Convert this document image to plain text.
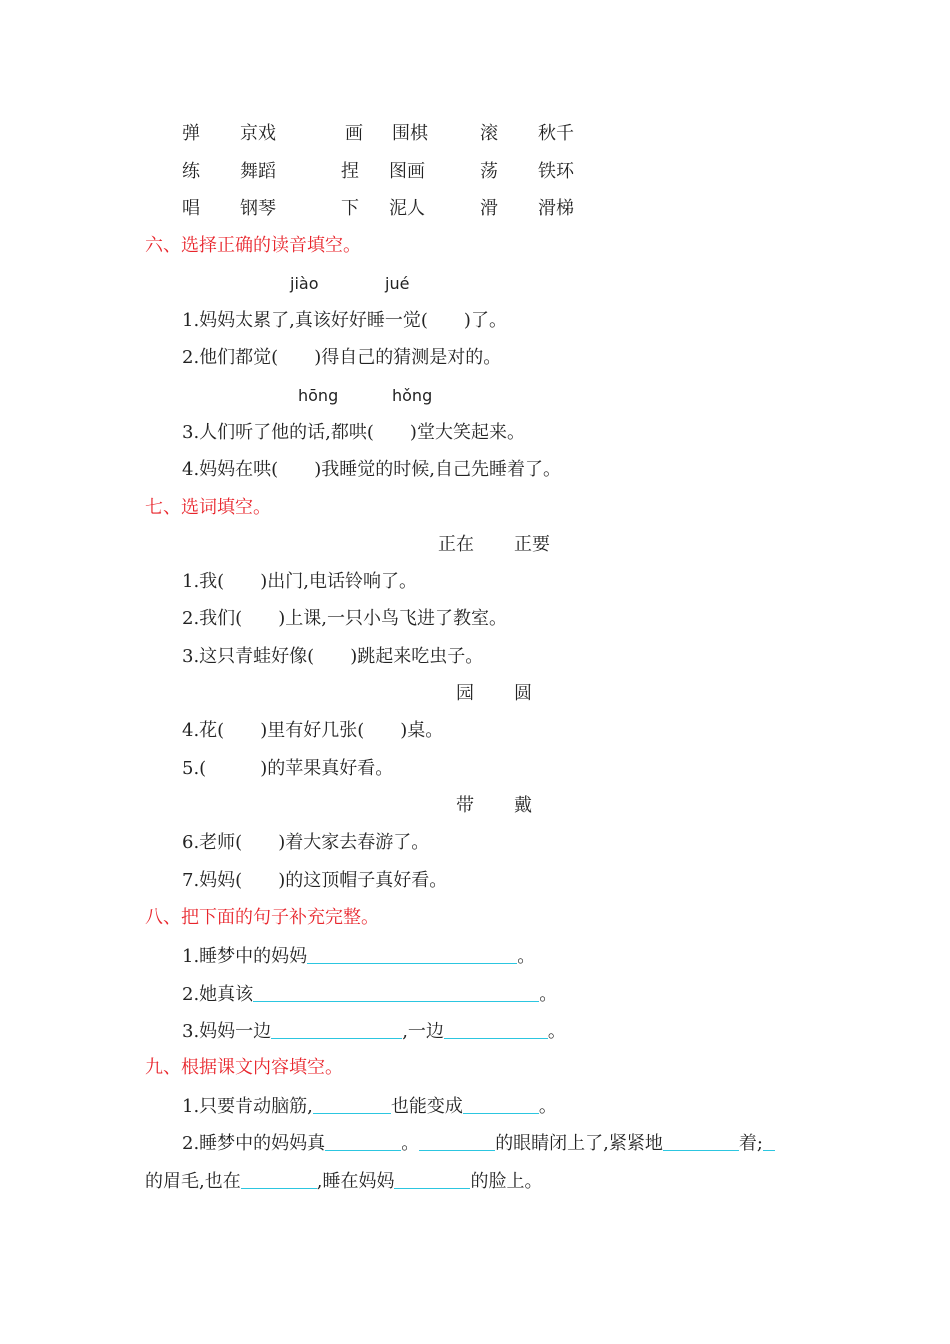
弹 京戏	画 围棋	滚 秋千
练 舞蹈	捏 图画	荡 铁环
唱 钢琴	下 泥人	滑 滑梯
六、选择正确的读音填空。
jiào	jué
1.妈妈太累了,真该好好睡一觉(　　)了。
2.他们都觉(　　)得自己的猜测是对的。
hōng	hǒng
3.人们听了他的话,都哄(　　)堂大笑起来。
4.妈妈在哄(　　)我睡觉的时候,自己先睡着了。
七、选词填空。
正在 正要
1.我(　　)出门,电话铃响了。
2.我们(　　)上课,一只小鸟飞进了教室。
3.这只青蛙好像(　　)跳起来吃虫子。
园 圆
4.花(　　)里有好几张(　　)桌。
5.(　　　)的苹果真好看。
带 戴
6.老师(　　)着大家去春游了。
7.妈妈(　　)的这顶帽子真好看。
八、把下面的句子补充完整。
1.睡梦中的妈妈	。
2.她真该	。
3.妈妈一边	,一边	。
九、根据课文内容填空。
1.只要肯动脑筋,	也能变成	。
2.睡梦中的妈妈真	。	的眼睛闭上了,紧紧地	着;
的眉毛,也在	,睡在妈妈	的脸上。
